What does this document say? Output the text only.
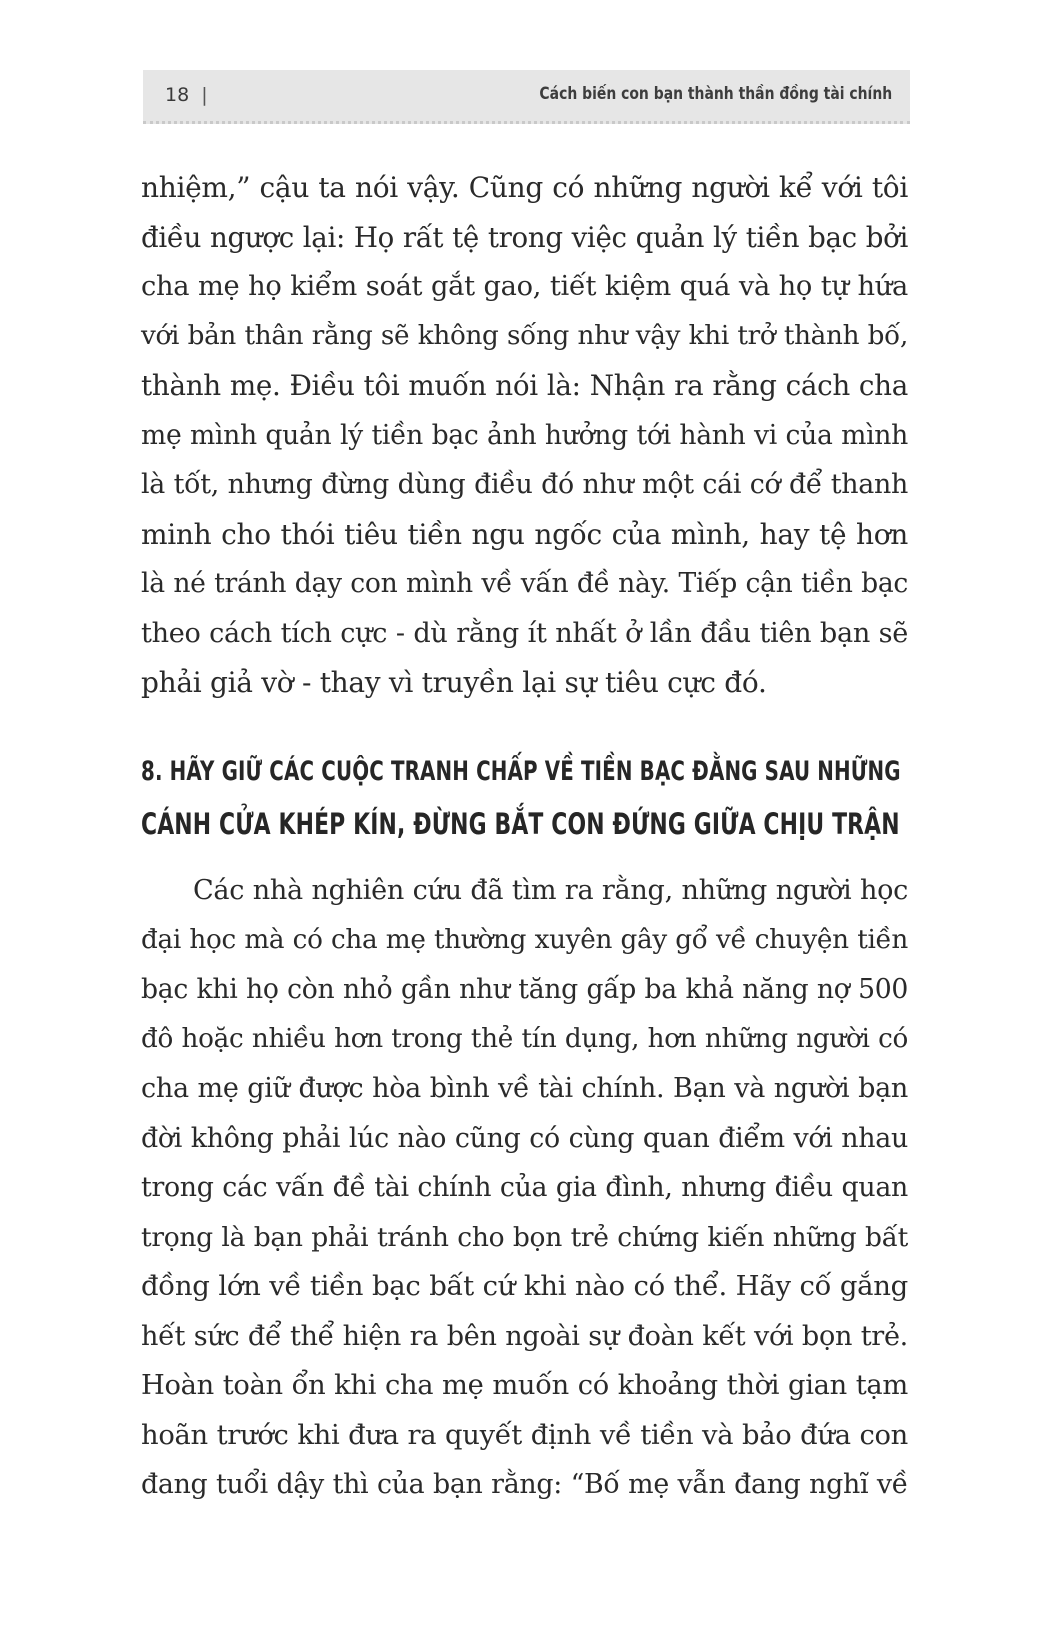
18 |	Cách biến con bạn thành thần đồng tài chính
nhiệm,” cậu ta nói vậy. Cũng có những người kể với tôi
điều ngược lại: Họ rất tệ trong việc quản lý tiền bạc bởi
cha mẹ họ kiểm soát gắt gao, tiết kiệm quá và họ tự hứa
với bản thân rằng sẽ không sống như vậy khi trở thành bố,
thành mẹ. Điều tôi muốn nói là: Nhận ra rằng cách cha
mẹ mình quản lý tiền bạc ảnh hưởng tới hành vi của mình
là tốt, nhưng đừng dùng điều đó như một cái cớ để thanh
minh cho thói tiêu tiền ngu ngốc của mình, hay tệ hơn
là né tránh dạy con mình về vấn đề này. Tiếp cận tiền bạc
theo cách tích cực - dù rằng ít nhất ở lần đầu tiên bạn sẽ
phải giả vờ - thay vì truyền lại sự tiêu cực đó.
8. HÃY GIỮ CÁC CUỘC TRANH CHẤP VỀ TIỀN BẠC ĐẰNG SAU NHỮNG
CÁNH CỬA KHÉP KÍN, ĐỪNG BẮT CON ĐỨNG GIỮA CHỊU TRẬN
Các nhà nghiên cứu đã tìm ra rằng, những người học
đại học mà có cha mẹ thường xuyên gây gổ về chuyện tiền
bạc khi họ còn nhỏ gần như tăng gấp ba khả năng nợ 500
đô hoặc nhiều hơn trong thẻ tín dụng, hơn những người có
cha mẹ giữ được hòa bình về tài chính. Bạn và người bạn
đời không phải lúc nào cũng có cùng quan điểm với nhau
trong các vấn đề tài chính của gia đình, nhưng điều quan
trọng là bạn phải tránh cho bọn trẻ chứng kiến những bất
đồng lớn về tiền bạc bất cứ khi nào có thể. Hãy cố gắng
hết sức để thể hiện ra bên ngoài sự đoàn kết với bọn trẻ.
Hoàn toàn ổn khi cha mẹ muốn có khoảng thời gian tạm
hoãn trước khi đưa ra quyết định về tiền và bảo đứa con
đang tuổi dậy thì của bạn rằng: “Bố mẹ vẫn đang nghĩ về
